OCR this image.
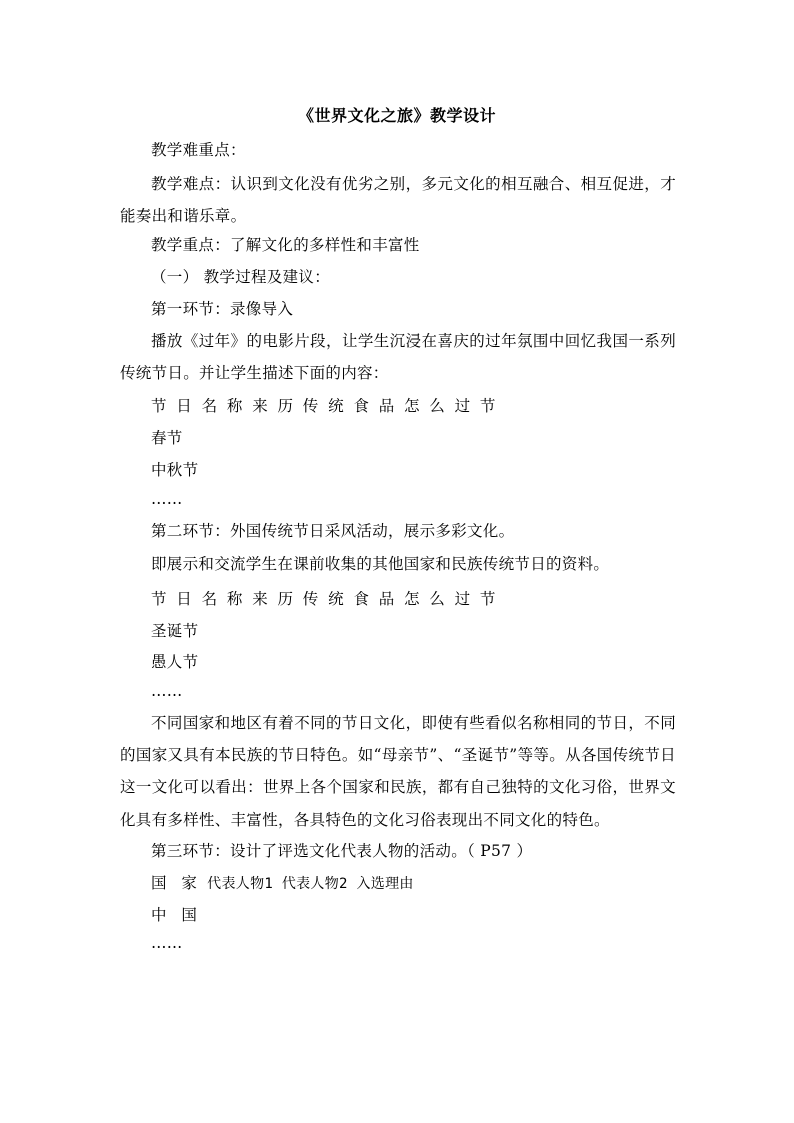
《世界文化之旅》教学设计
教学难重点：
教学难点：认识到文化没有优劣之别，多元文化的相互融合、相互促进，才能奏出和谐乐章。
教学重点：了解文化的多样性和丰富性
（一） 教学过程及建议：
第一环节：录像导入
播放《过年》的电影片段，让学生沉浸在喜庆的过年氛围中回忆我国一系列传统节日。并让学生描述下面的内容：
节日名称来历传统食品怎么过节
春节
中秋节
……
第二环节：外国传统节日采风活动，展示多彩文化。
即展示和交流学生在课前收集的其他国家和民族传统节日的资料。
节日名称来历传统食品怎么过节
圣诞节
愚人节
……
不同国家和地区有着不同的节日文化，即使有些看似名称相同的节日，不同的国家又具有本民族的节日特色。如“母亲节”、“圣诞节”等等。从各国传统节日这一文化可以看出：世界上各个国家和民族，都有自己独特的文化习俗，世界文化具有多样性、丰富性，各具特色的文化习俗表现出不同文化的特色。
第三环节：设计了评选文化代表人物的活动。（ P57 ）
国 家 代表人物1 代表人物2 入选理由
中 国
……
